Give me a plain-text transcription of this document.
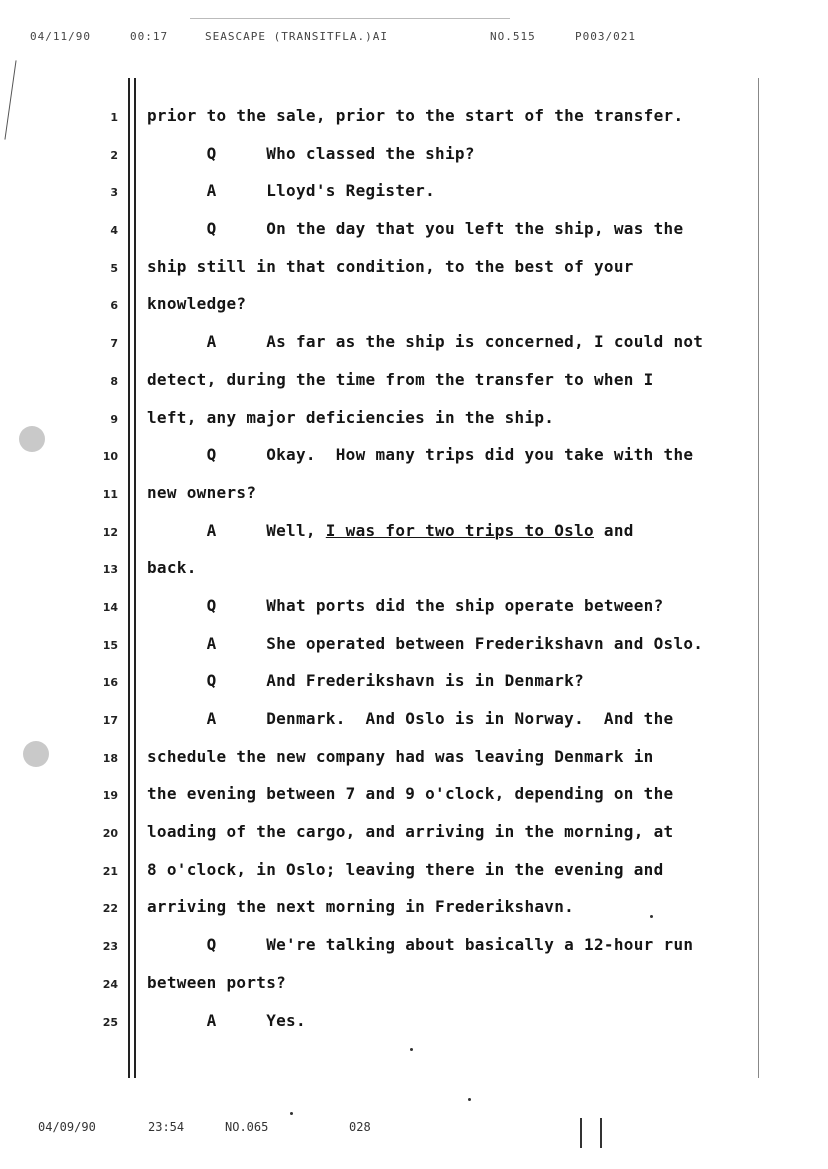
04/11/90	00:17	SEASCAPE (TRANSITFLA.)AI	NO.515	P003/021
1 prior to the sale, prior to the start of the transfer.
2 Q     Who classed the ship?
3 A     Lloyd's Register.
4 Q     On the day that you left the ship, was the
5 ship still in that condition, to the best of your
6 knowledge?
7 A     As far as the ship is concerned, I could not
8 detect, during the time from the transfer to when I
9 left, any major deficiencies in the ship.
10 Q     Okay.  How many trips did you take with the
11 new owners?
12 A     Well, I was for two trips to Oslo and
13 back.
14 Q     What ports did the ship operate between?
15 A     She operated between Frederikshavn and Oslo.
16 Q     And Frederikshavn is in Denmark?
17 A     Denmark.  And Oslo is in Norway.  And the
18 schedule the new company had was leaving Denmark in
19 the evening between 7 and 9 o'clock, depending on the
20 loading of the cargo, and arriving in the morning, at
21 8 o'clock, in Oslo; leaving there in the evening and
22 arriving the next morning in Frederikshavn.
23 Q     We're talking about basically a 12-hour run
24 between ports?
25 A     Yes.
04/09/90	23:54	NO.065	028
